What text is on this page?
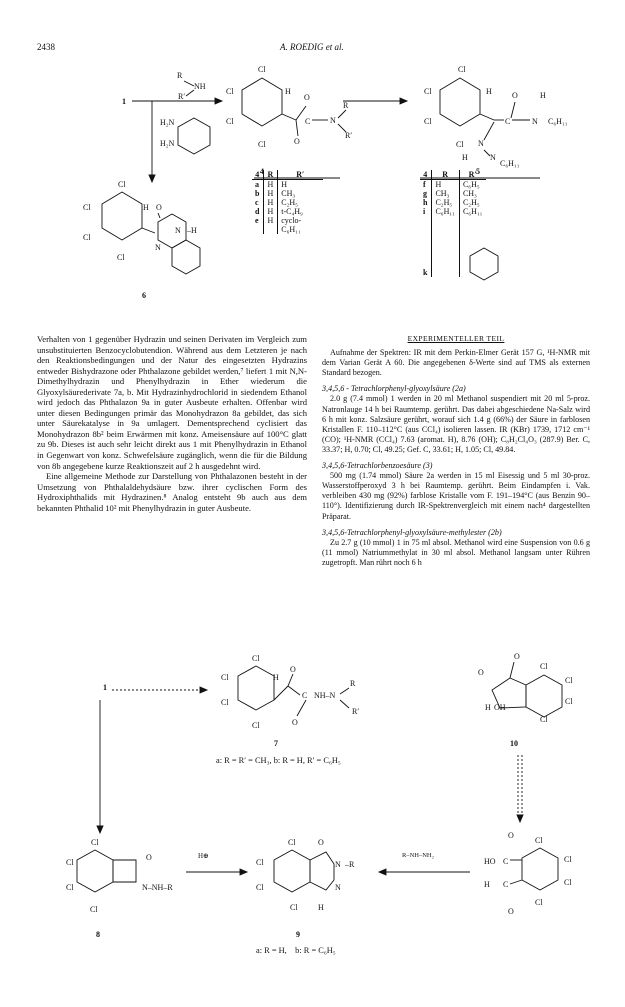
2438	A. ROEDIG et al.
1
R
NH
R′
H₂N
H₂N
Cl
Cl	H
Cl
Cl
O
O
N
R
R′
C
4
Cl
Cl	H
Cl
Cl
O	H
N C₆H₁₁
C
N
H	N
C₆H₁₁
5
Cl
Cl	H
Cl
Cl
O
N –H
N
6
1
Cl
Cl	H
Cl
Cl
O
C
O
NH–N
R
R′
7
O
Cl
O
Cl
Cl
H OH
Cl
10
Cl
Cl
O
Cl
Cl
N–NH–R
8
Cl	O
Cl	N –R
Cl	N
Cl	H
9
O
Cl
HO C	Cl
H C	Cl
Cl
O
4	R	R′
a	H	H
b	H	CH₃
c	H	C₂H₅
d	H	t-C₄H₉
e	H	cyclo-C₆H₁₁
4	R	R′
f	H	C₆H₅
g	CH₃	CH₃
h	C₂H₅	C₂H₅
i	C₆H₁₁	C₆H₁₁
k		

Verhalten von 1 gegenüber Hydrazin und seinen Derivaten im Vergleich zum unsubstituierten Benzocyclobutendion. Während aus dem Letzteren je nach den Reaktionsbedingungen und der Natur des eingesetzten Hydrazins entweder Bishydrazone oder Phthalazone gebildet werden,⁷ liefert 1 mit N,N-Dimethylhydrazin und Phenylhydrazin in Ether wiederum die Glyoxylsäurederivate 7a, b. Mit Hydrazinhydrochlorid in siedendem Ethanol wird jedoch das Phthalazon 9a in guter Ausbeute erhalten. Offenbar wird unter diesen Bedingungen primär das Monohydrazon 8a gebildet, das sich unter Säurekatalyse in 9a umlagert. Dementsprechend cyclisiert das Monohydrazon 8b² beim Erwärmen mit konz. Ameisensäure auf 100°C glatt zu 9b. Dieses ist auch sehr leicht direkt aus 1 mit Phenylhydrazin in Ethanol in Gegenwart von konz. Schwefelsäure zugänglich, wenn die für die Bildung von 8b angegebene kurze Reaktionszeit auf 2 h ausgedehnt wird.

Eine allgemeine Methode zur Darstellung von Phthalazonen besteht in der Umsetzung von Phthalaldehydsäure bzw. ihrer cyclischen Form des Hydroxiphthalids mit Hydrazinen.⁸ Analog entsteht 9b auch aus dem bekannten Phthalid 10² mit Phenylhydrazin in guter Ausbeute.

EXPERIMENTELLER TEIL

Aufnahme der Spektren: IR mit dem Perkin-Elmer Gerät 157 G, ¹H-NMR mit dem Varian Gerät A 60. Die angegebenen δ-Werte sind auf TMS als externen Standard bezogen.

3,4,5,6 - Tetrachlorphenyl-glyoxylsäure (2a)

2.0 g (7.4 mmol) 1 werden in 20 ml Methanol suspendiert mit 20 ml 5-proz. Natronlauge 14 h bei Raumtemp. gerührt. Das dabei abgeschiedene Na-Salz wird 6 h mit konz. Salzsäure gerührt, worauf sich 1.4 g (66%) der Säure in farblosen Kristallen F. 110–112°C (aus CCl₄) isolieren lassen. IR (KBr) 1739, 1712 cm⁻¹ (CO); ¹H-NMR (CCl₄) 7.63 (aromat. H), 8.76 (OH); C₈H₂Cl₄O₃ (287.9) Ber. C, 33.37; H, 0.70; Cl, 49.25; Gef. C, 33.61; H, 1.05; Cl, 49.84.

3,4,5,6-Tetrachlorbenzoesäure (3)

500 mg (1.74 mmol) Säure 2a werden in 15 ml Eisessig und 5 ml 30-proz. Wasserstoffperoxyd 3 h bei Raumtemp. gerührt. Beim Eindampfen i. Vak. verbleiben 430 mg (92%) farblose Kristalle vom F. 191–194°C (aus Benzin 90–110°). Identifizierung durch IR-Spektrenvergleich mit einem nach⁴ dargestellten Präparat.

3,4,5,6-Tetrachlorphenyl-glyoxylsäure-methylester (2b)

Zu 2.7 g (10 mmol) 1 in 75 ml absol. Methanol wird eine Suspension von 0.6 g (11 mmol) Natriummethylat in 30 ml absol. Methanol langsam unter Rühren zugetropft. Man rührt noch 6 h

a: R = R′ = CH₃, b: R = H, R′ = C₆H₅
a: R = H,    b: R = C₆H₅
H⊕	R–NH–NH₂
